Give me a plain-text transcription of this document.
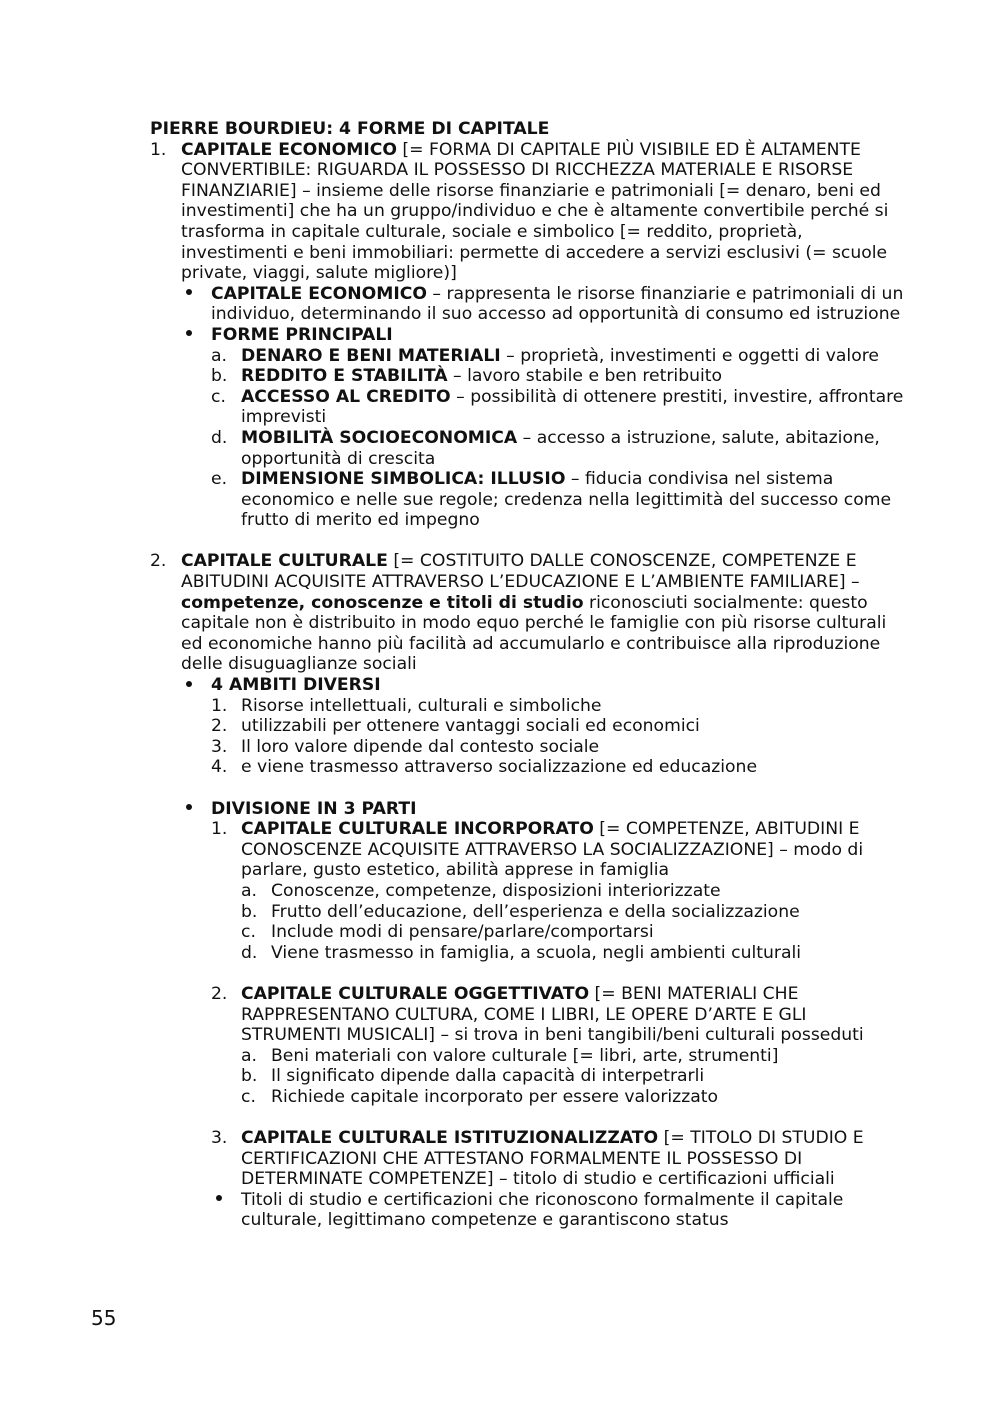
PIERRE BOURDIEU: 4 FORME DI CAPITALE
1. CAPITALE ECONOMICO [= FORMA DI CAPITALE PIÙ VISIBILE ED È ALTAMENTE CONVERTIBILE: RIGUARDA IL POSSESSO DI RICCHEZZA MATERIALE E RISORSE FINANZIARIE] – insieme delle risorse finanziarie e patrimoniali [= denaro, beni ed investimenti] che ha un gruppo/individuo e che è altamente convertibile perché si trasforma in capitale culturale, sociale e simbolico [= reddito, proprietà, investimenti e beni immobiliari: permette di accedere a servizi esclusivi (= scuole private, viaggi, salute migliore)]
CAPITALE ECONOMICO – rappresenta le risorse finanziarie e patrimoniali di un individuo, determinando il suo accesso ad opportunità di consumo ed istruzione
FORME PRINCIPALI
a. DENARO E BENI MATERIALI – proprietà, investimenti e oggetti di valore
b. REDDITO E STABILITÀ – lavoro stabile e ben retribuito
c. ACCESSO AL CREDITO – possibilità di ottenere prestiti, investire, affrontare imprevisti
d. MOBILITÀ SOCIOECONOMICA – accesso a istruzione, salute, abitazione, opportunità di crescita
e. DIMENSIONE SIMBOLICA: ILLUSIO – fiducia condivisa nel sistema economico e nelle sue regole; credenza nella legittimità del successo come frutto di merito ed impegno
2. CAPITALE CULTURALE [= COSTITUITO DALLE CONOSCENZE, COMPETENZE E ABITUDINI ACQUISITE ATTRAVERSO L’EDUCAZIONE E L’AMBIENTE FAMILIARE] – competenze, conoscenze e titoli di studio riconosciuti socialmente: questo capitale non è distribuito in modo equo perché le famiglie con più risorse culturali ed economiche hanno più facilità ad accumularlo e contribuisce alla riproduzione delle disuguaglianze sociali
4 AMBITI DIVERSI
1. Risorse intellettuali, culturali e simboliche
2. utilizzabili per ottenere vantaggi sociali ed economici
3. Il loro valore dipende dal contesto sociale
4. e viene trasmesso attraverso socializzazione ed educazione
DIVISIONE IN 3 PARTI
1. CAPITALE CULTURALE INCORPORATO [= COMPETENZE, ABITUDINI E CONOSCENZE ACQUISITE ATTRAVERSO LA SOCIALIZZAZIONE] – modo di parlare, gusto estetico, abilità apprese in famiglia
a. Conoscenze, competenze, disposizioni interiorizzate
b. Frutto dell’educazione, dell’esperienza e della socializzazione
c. Include modi di pensare/parlare/comportarsi
d. Viene trasmesso in famiglia, a scuola, negli ambienti culturali
2. CAPITALE CULTURALE OGGETTIVATO [= BENI MATERIALI CHE RAPPRESENTANO CULTURA, COME I LIBRI, LE OPERE D’ARTE E GLI STRUMENTI MUSICALI] – si trova in beni tangibili/beni culturali posseduti
a. Beni materiali con valore culturale [= libri, arte, strumenti]
b. Il significato dipende dalla capacità di interpetrarli
c. Richiede capitale incorporato per essere valorizzato
3. CAPITALE CULTURALE ISTITUZIONALIZZATO [= TITOLO DI STUDIO E CERTIFICAZIONI CHE ATTESTANO FORMALMENTE IL POSSESSO DI DETERMINATE COMPETENZE] – titolo di studio e certificazioni ufficiali
Titoli di studio e certificazioni che riconoscono formalmente il capitale culturale, legittimano competenze e garantiscono status
55
